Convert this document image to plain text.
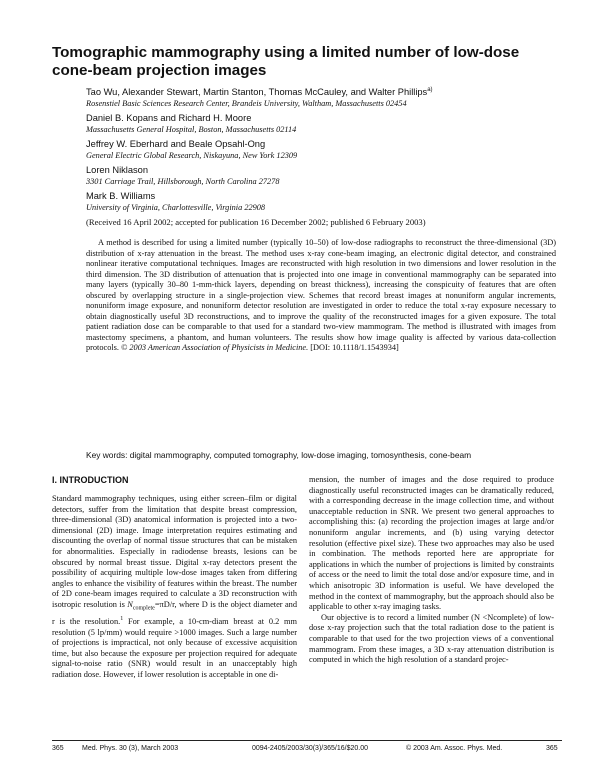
Tomographic mammography using a limited number of low-dose cone-beam projection images
Tao Wu, Alexander Stewart, Martin Stanton, Thomas McCauley, and Walter Phillips$^{a)}$
Rosenstiel Basic Sciences Research Center, Brandeis University, Waltham, Massachusetts 02454
Daniel B. Kopans and Richard H. Moore
Massachusetts General Hospital, Boston, Massachusetts 02114
Jeffrey W. Eberhard and Beale Opsahl-Ong
General Electric Global Research, Niskayuna, New York 12309
Loren Niklason
3301 Carriage Trail, Hillsborough, North Carolina 27278
Mark B. Williams
University of Virginia, Charlottesville, Virginia 22908
(Received 16 April 2002; accepted for publication 16 December 2002; published 6 February 2003)

A method is described for using a limited number (typically 10–50) of low-dose radiographs to reconstruct the three-dimensional (3D) distribution of x-ray attenuation in the breast. The method uses x-ray cone-beam imaging, an electronic digital detector, and constrained nonlinear iterative computational techniques. Images are reconstructed with high resolution in two dimensions and lower resolution in the third dimension. The 3D distribution of attenuation that is projected into one image in conventional mammography can be separated into many layers (typically 30–80 1-mm-thick layers, depending on breast thickness), increasing the conspicuity of features that are often obscured by overlapping structure in a single-projection view. Schemes that record breast images at nonuniform angular increments, nonuniform image exposure, and nonuniform detector resolution are investigated in order to reduce the total x-ray exposure necessary to obtain diagnostically useful 3D reconstructions, and to improve the quality of the reconstructed images for a given exposure. The total patient radiation dose can be comparable to that used for a standard two-view mammogram. The method is illustrated with images from mastectomy specimens, a phantom, and human volunteers. The results show how image quality is affected by various data-collection protocols. © 2003 American Association of Physicists in Medicine. [DOI: 10.1118/1.1543934]

Key words: digital mammography, computed tomography, low-dose imaging, tomosynthesis, cone-beam

I. INTRODUCTION

Standard mammography techniques, using either screen–film or digital detectors, suffer from the limitation that despite breast compression, three-dimensional (3D) anatomical information is projected into a two-dimensional (2D) image. Image interpretation requires estimating and discounting the overlap of normal tissue structures that can be mistaken for abnormalities. Especially in radiodense breasts, lesions can be obscured by normal breast tissue. Digital x-ray detectors present the possibility of acquiring multiple low-dose images taken from differing angles to enhance the visibility of features within the breast. The number of 2D cone-beam images required to calculate a 3D reconstruction with isotropic resolution is $N_{complete}=\pi D/r$, where D is the object diameter and r is the resolution.$^1$ For example, a 10-cm-diam breast at 0.2 mm resolution (5 lp/mm) would require >1000 images. Such a large number of projections is impractical, not only because of excessive acquisition time, but also because the exposure per projection required for adequate signal-to-noise ratio (SNR) would result in an unacceptably high radiation dose. However, if lower resolution is acceptable in one di-

mension, the number of images and the dose required to produce diagnostically useful reconstructed images can be dramatically reduced, with a corresponding decrease in the image collection time, and without unacceptable reduction in SNR. We present two general approaches to accomplishing this: (a) recording the projection images at large and/or nonuniform angular increments, and (b) using varying detector resolution (effective pixel size). These two approaches may also be used in combination. The methods reported here are appropriate for applications in which the number of projections is limited by constraints of access or the need to limit the total dose and/or exposure time, and in which anisotropic 3D information is useful. We have developed the method in the context of mammography, but the approach should also be applicable to other x-ray imaging tasks.

Our objective is to record a limited number (N <Ncomplete) of low-dose x-ray projection such that the total radiation dose to the patient is comparable to that used for the two projection views of a conventional mammogram. From these images, a 3D x-ray attenuation distribution is computed in which the high resolution of a standard projec-

365	Med. Phys. 30 (3), March 2003	0094-2405/2003/30(3)/365/16/$20.00	© 2003 Am. Assoc. Phys. Med.	365
